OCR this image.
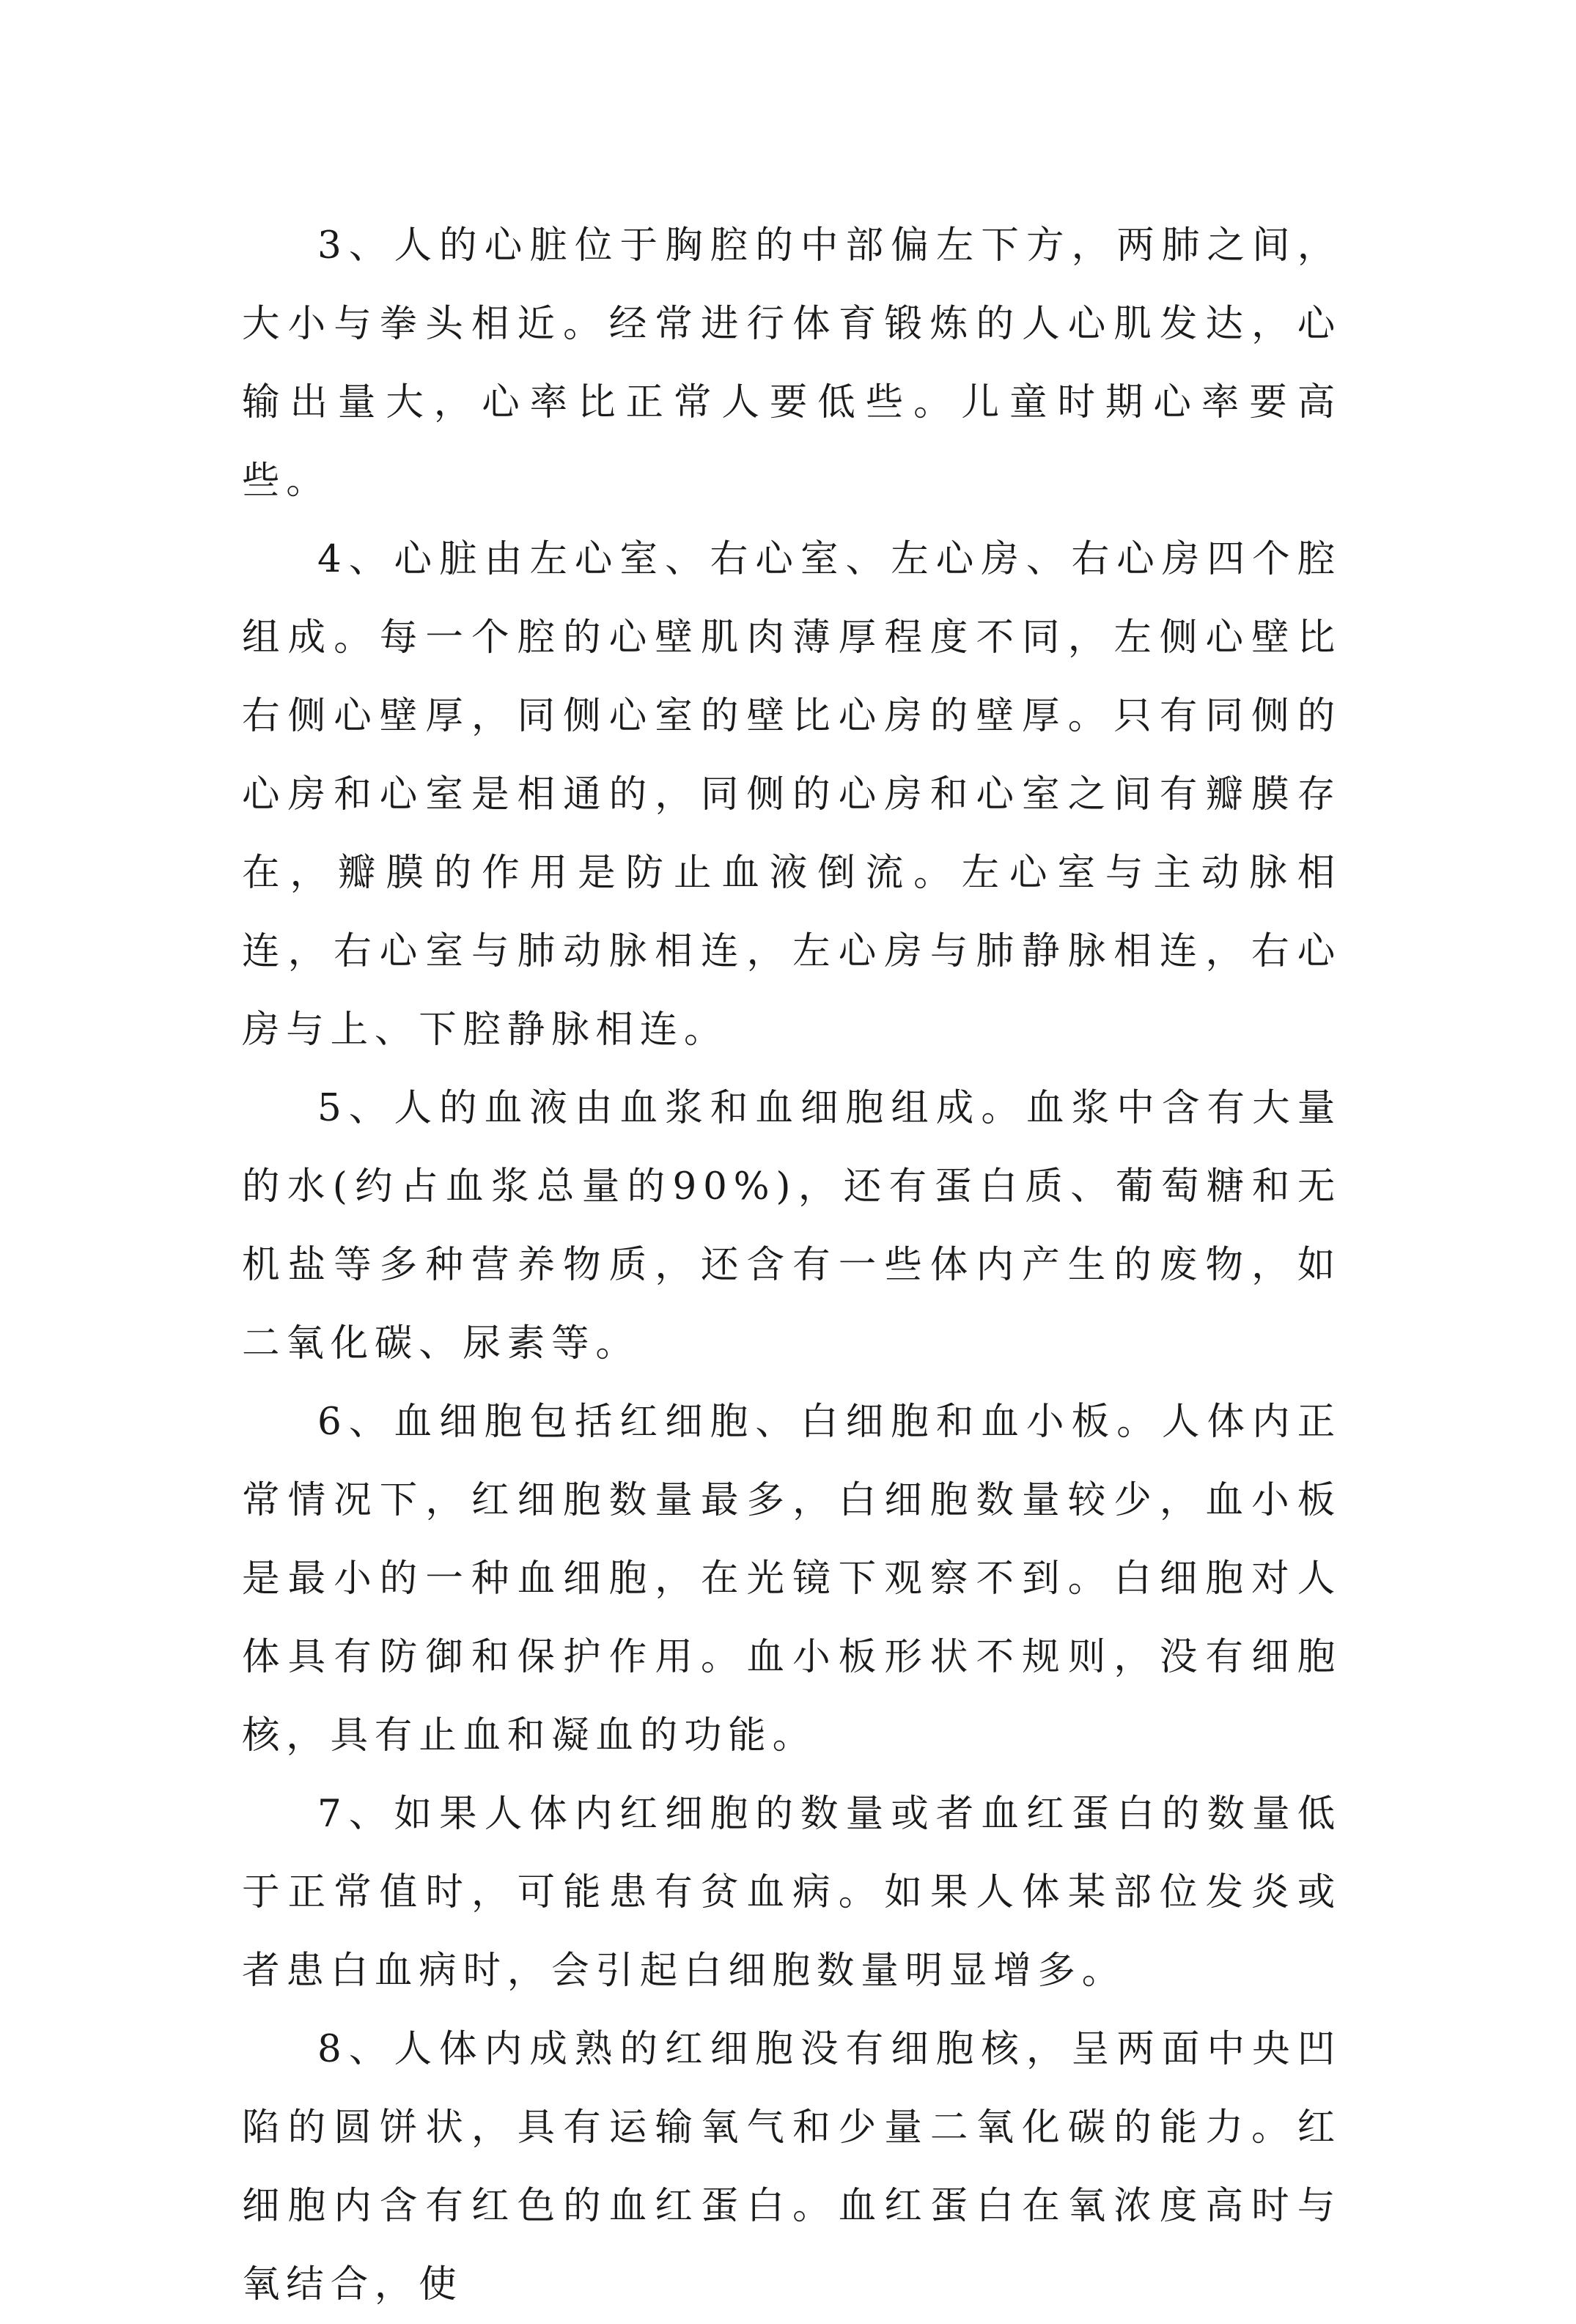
3、人的心脏位于胸腔的中部偏左下方，两肺之间，大小与拳头相近。经常进行体育锻炼的人心肌发达，心输出量大，心率比正常人要低些。儿童时期心率要高些。

4、心脏由左心室、右心室、左心房、右心房四个腔组成。每一个腔的心壁肌肉薄厚程度不同，左侧心壁比右侧心壁厚，同侧心室的壁比心房的壁厚。只有同侧的心房和心室是相通的，同侧的心房和心室之间有瓣膜存在，瓣膜的作用是防止血液倒流。左心室与主动脉相连，右心室与肺动脉相连，左心房与肺静脉相连，右心房与上、下腔静脉相连。

5、人的血液由血浆和血细胞组成。血浆中含有大量的水(约占血浆总量的90%)，还有蛋白质、葡萄糖和无机盐等多种营养物质，还含有一些体内产生的废物，如二氧化碳、尿素等。

6、血细胞包括红细胞、白细胞和血小板。人体内正常情况下，红细胞数量最多，白细胞数量较少，血小板是最小的一种血细胞，在光镜下观察不到。白细胞对人体具有防御和保护作用。血小板形状不规则，没有细胞核，具有止血和凝血的功能。

7、如果人体内红细胞的数量或者血红蛋白的数量低于正常值时，可能患有贫血病。如果人体某部位发炎或者患白血病时，会引起白细胞数量明显增多。

8、人体内成熟的红细胞没有细胞核，呈两面中央凹陷的圆饼状，具有运输氧气和少量二氧化碳的能力。红细胞内含有红色的血红蛋白。血红蛋白在氧浓度高时与氧结合，使
